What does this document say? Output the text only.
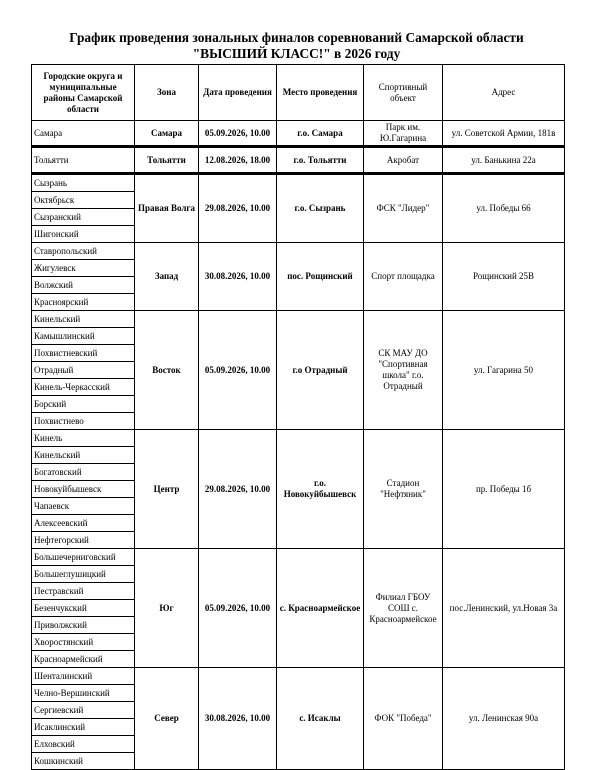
График проведения зональных финалов соревнований Самарской области
"ВЫСШИЙ КЛАСС!" в 2026 году
Городские округа и муниципальные районы Самарской области	Зона	Дата проведения	Место проведения	Спортивный объект	Адрес
Самара	Самара	05.09.2026, 10.00	г.о. Самара	Парк им. Ю.Гагарина	ул. Советской Армии, 181в
Тольятти	Тольятти	12.08.2026, 18.00	г.о. Тольятти	Акробат	ул. Банькина 22а
Сызрань	Правая Волга	29.08.2026, 10.00	г.о. Сызрань	ФСК "Лидер"	ул. Победы 66
Октябрьск					
Сызранский					
Шигонский					
Ставропольский	Запад	30.08.2026, 10.00	пос. Рощинский	Спорт площадка	Рощинский 25В
Жигулевск					
Волжский					
Красноярский					
Кинельский	Восток	05.09.2026, 10.00	г.о Отрадный	СК МАУ ДО "Спортивная школа" г.о. Отрадный	ул. Гагарина 50
Камышлинский					
Похвистневский					
Отрадный					
Кинель-Черкасский					
Борский					
Похвистнево					
Кинель	Центр	29.08.2026, 10.00	г.о. Новокуйбышевск	Стадион "Нефтяник"	пр. Победы 1б
Кинельский					
Богатовский					
Новокуйбышевск					
Чапаевск					
Алексеевский					
Нефтегорский					
Большечерниговский	Юг	05.09.2026, 10.00	с. Красноармейское	Филиал ГБОУ СОШ с. Красноармейское	пос.Ленинский, ул.Новая 3а
Большеглушицкий					
Пестравский					
Безенчукский					
Приволжский					
Хворостянский					
Красноармейский					
Шенталинский	Север	30.08.2026, 10.00	с. Исаклы	ФОК "Победа"	ул. Ленинская 90а
Челно-Вершинский					
Сергиевский					
Исаклинский					
Елховский					
Кошкинский					
